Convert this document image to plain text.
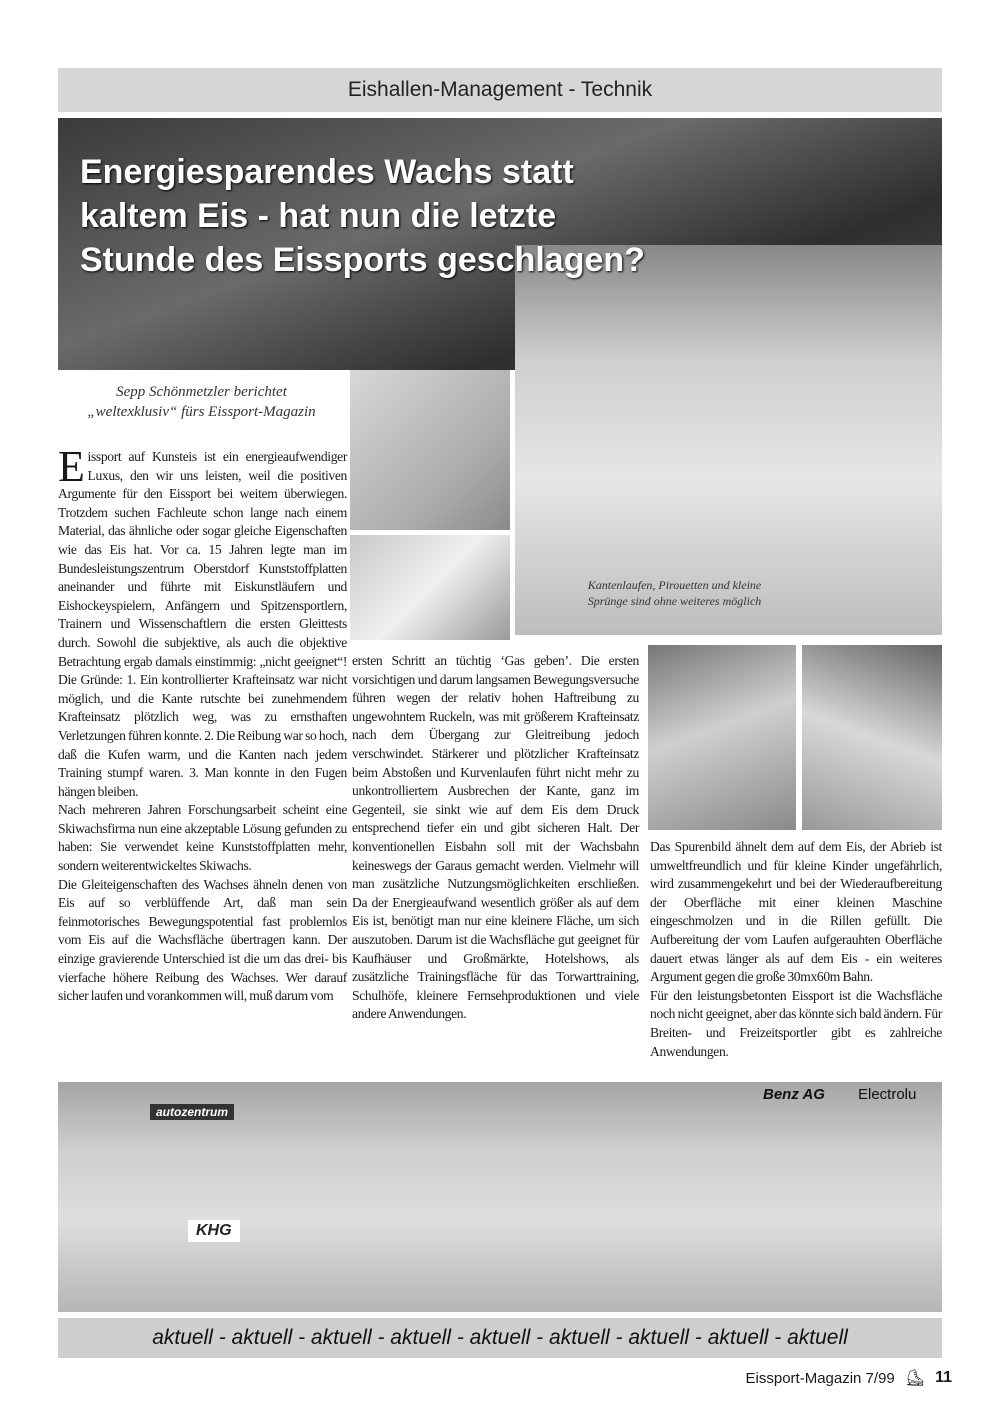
Eishallen-Management - Technik
Energiesparendes Wachs statt kaltem Eis - hat nun die letzte Stunde des Eissports geschlagen?
Kantenlaufen, Pirouetten und kleine Sprünge sind ohne weiteres möglich
Sepp Schönmetzler berichtet
„weltexklusiv“ fürs Eissport-Magazin

Eissport auf Kunsteis ist ein energieaufwendiger Luxus, den wir uns leisten, weil die positiven Argumente für den Eissport bei weitem überwiegen. Trotzdem suchen Fachleute schon lange nach einem Material, das ähnliche oder sogar gleiche Eigenschaften wie das Eis hat. Vor ca. 15 Jahren legte man im Bundesleistungszentrum Oberstdorf Kunststoffplatten aneinander und führte mit Eiskunstläufern und Eishockeyspielern, Anfängern und Spitzensportlern, Trainern und Wissenschaftlern die ersten Gleittests durch. Sowohl die subjektive, als auch die objektive Betrachtung ergab damals einstimmig: „nicht geeignet“! Die Gründe: 1. Ein kontrollierter Krafteinsatz war nicht möglich, und die Kante rutschte bei zunehmendem Krafteinsatz plötzlich weg, was zu ernsthaften Verletzungen führen konnte. 2. Die Reibung war so hoch, daß die Kufen warm, und die Kanten nach jedem Training stumpf waren. 3. Man konnte in den Fugen hängen bleiben.

Nach mehreren Jahren Forschungsarbeit scheint eine Skiwachsfirma nun eine akzeptable Lösung gefunden zu haben: Sie verwendet keine Kunststoffplatten mehr, sondern weiterentwickeltes Skiwachs.

Die Gleiteigenschaften des Wachses ähneln denen von Eis auf so verblüffende Art, daß man sein feinmotorisches Bewegungspotential fast problemlos vom Eis auf die Wachsfläche übertragen kann. Der einzige gravierende Unterschied ist die um das drei- bis vierfache höhere Reibung des Wachses. Wer darauf sicher laufen und vorankommen will, muß darum vom

ersten Schritt an tüchtig ‘Gas geben’. Die ersten vorsichtigen und darum langsamen Bewegungsversuche führen wegen der relativ hohen Haftreibung zu ungewohntem Ruckeln, was mit größerem Krafteinsatz nach dem Übergang zur Gleitreibung jedoch verschwindet. Stärkerer und plötzlicher Krafteinsatz beim Abstoßen und Kurvenlaufen führt nicht mehr zu unkontrolliertem Ausbrechen der Kante, ganz im Gegenteil, sie sinkt wie auf dem Eis dem Druck entsprechend tiefer ein und gibt sicheren Halt. Der konventionellen Eisbahn soll mit der Wachsbahn keineswegs der Garaus gemacht werden. Vielmehr will man zusätzliche Nutzungsmöglichkeiten erschließen. Da der Energieaufwand wesentlich größer als auf dem Eis ist, benötigt man nur eine kleinere Fläche, um sich auszutoben. Darum ist die Wachsfläche gut geeignet für Kaufhäuser und Großmärkte, Hotelshows, als zusätzliche Trainingsfläche für das Torwarttraining, Schulhöfe, kleinere Fernsehproduktionen und viele andere Anwendungen.

Das Spurenbild ähnelt dem auf dem Eis, der Abrieb ist umweltfreundlich und für kleine Kinder ungefährlich, wird zusammengekehrt und bei der Wiederaufbereitung der Oberfläche mit einer kleinen Maschine eingeschmolzen und in die Rillen gefüllt. Die Aufbereitung der vom Laufen aufgerauhten Oberfläche dauert etwas länger als auf dem Eis - ein weiteres Argument gegen die große 30mx60m Bahn.

Für den leistungsbetonten Eissport ist die Wachsfläche noch nicht geeignet, aber das könnte sich bald ändern. Für Breiten- und Freizeitsportler gibt es zahlreiche Anwendungen.

autozentrum
KHG
Benz AG Electrolu
aktuell - aktuell - aktuell - aktuell - aktuell - aktuell - aktuell - aktuell - aktuell
Eissport-Magazin 7/99 ⛸ 11
